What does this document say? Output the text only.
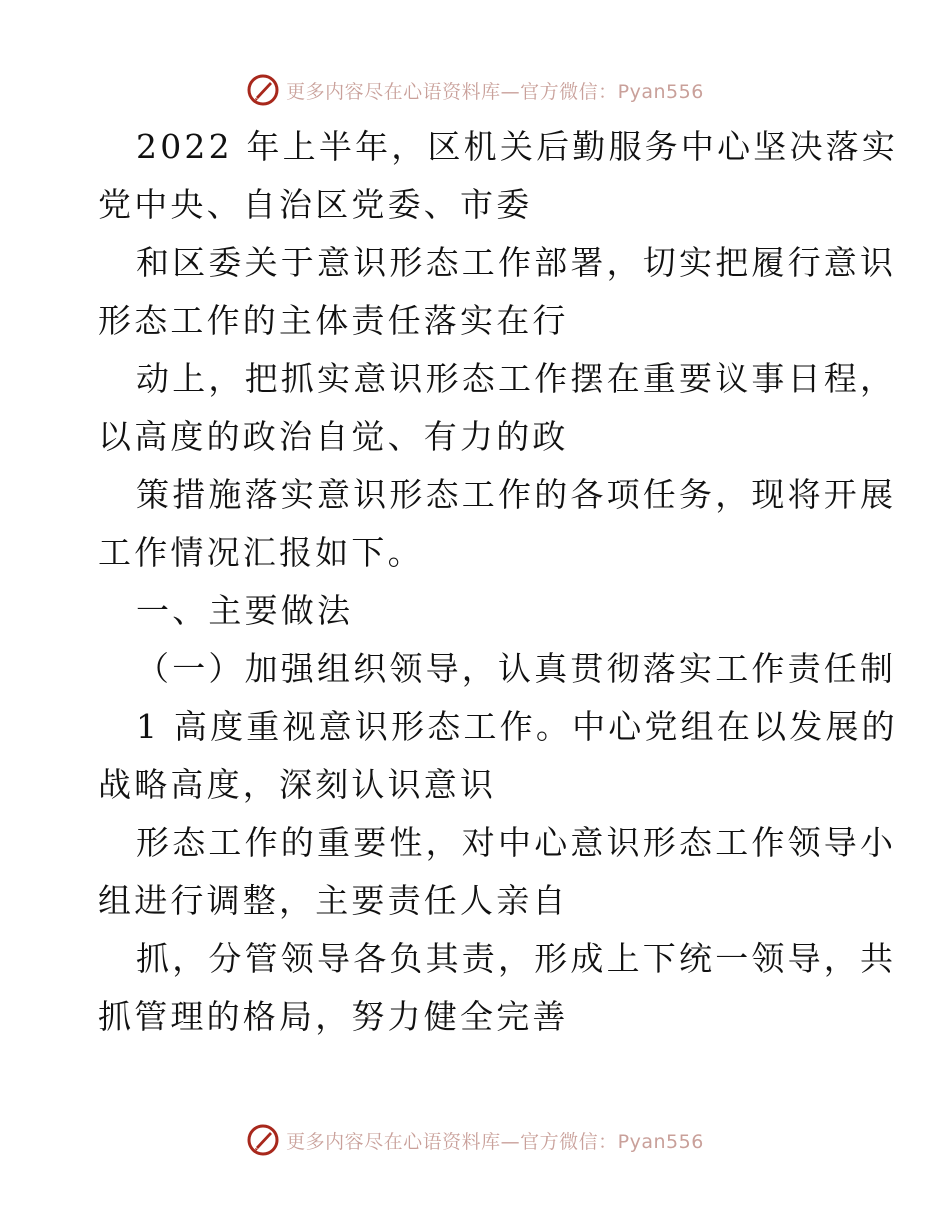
更多内容尽在心语资料库—官方微信：Pyan556
2022 年上半年，区机关后勤服务中心坚决落实
党中央、自治区党委、市委
和区委关于意识形态工作部署，切实把履行意识
形态工作的主体责任落实在行
动上，把抓实意识形态工作摆在重要议事日程，
以高度的政治自觉、有力的政
策措施落实意识形态工作的各项任务，现将开展
工作情况汇报如下。
一、主要做法
（一）加强组织领导，认真贯彻落实工作责任制
1 高度重视意识形态工作。中心党组在以发展的
战略高度，深刻认识意识
形态工作的重要性，对中心意识形态工作领导小
组进行调整，主要责任人亲自
抓，分管领导各负其责，形成上下统一领导，共
抓管理的格局，努力健全完善
更多内容尽在心语资料库—官方微信：Pyan556
